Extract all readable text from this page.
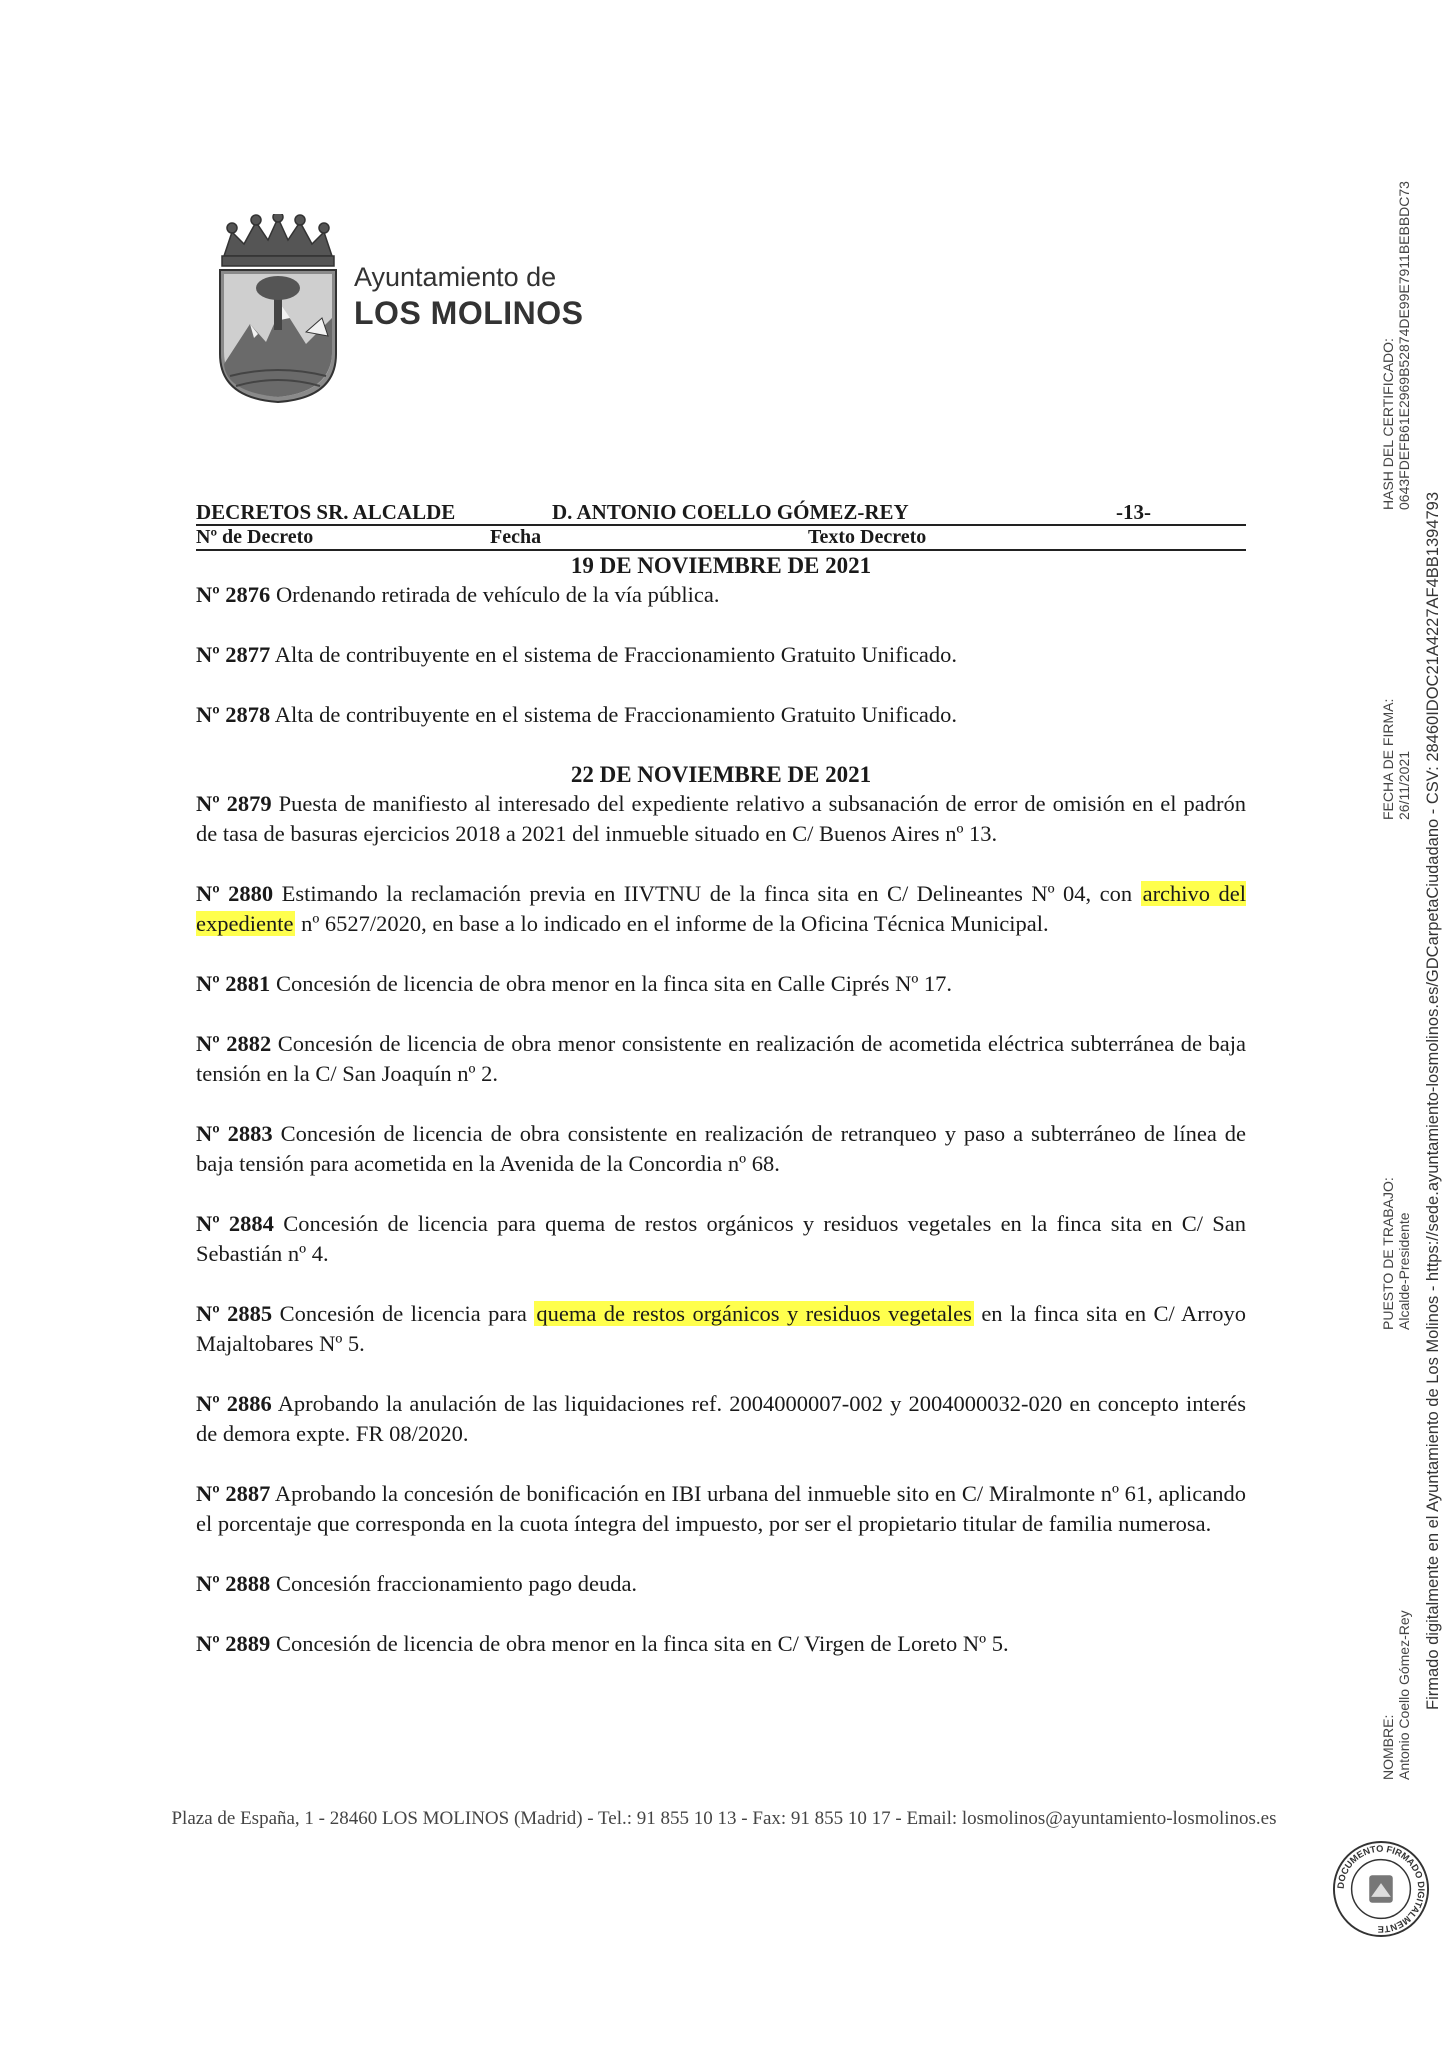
Ayuntamiento de
LOS MOLINOS
DECRETOS SR. ALCALDE	D. ANTONIO COELLO GÓMEZ-REY	-13-
Nº de Decreto	Fecha	Texto Decreto
19 DE NOVIEMBRE DE 2021

Nº 2876 Ordenando retirada de vehículo de la vía pública.

Nº 2877 Alta de contribuyente en el sistema de Fraccionamiento Gratuito Unificado.

Nº 2878 Alta de contribuyente en el sistema de Fraccionamiento Gratuito Unificado.

22 DE NOVIEMBRE DE 2021

Nº 2879 Puesta de manifiesto al interesado del expediente relativo a subsanación de error de omisión en el padrón de tasa de basuras ejercicios 2018 a 2021 del inmueble situado en C/ Buenos Aires nº 13.

Nº 2880 Estimando la reclamación previa en IIVTNU de la finca sita en C/ Delineantes Nº 04, con archivo del expediente nº 6527/2020, en base a lo indicado en el informe de la Oficina Técnica Municipal.

Nº 2881 Concesión de licencia de obra menor en la finca sita en Calle Ciprés Nº 17.

Nº 2882 Concesión de licencia de obra menor consistente en realización de acometida eléctrica subterránea de baja tensión en la C/ San Joaquín nº 2.

Nº 2883 Concesión de licencia de obra consistente en realización de retranqueo y paso a subterráneo de línea de baja tensión para acometida en la Avenida de la Concordia nº 68.

Nº 2884 Concesión de licencia para quema de restos orgánicos y residuos vegetales en la finca sita en C/ San Sebastián nº 4.

Nº 2885 Concesión de licencia para quema de restos orgánicos y residuos vegetales en la finca sita en C/ Arroyo Majaltobares Nº 5.

Nº 2886 Aprobando la anulación de las liquidaciones ref. 2004000007-002 y 2004000032-020 en concepto interés de demora expte. FR 08/2020.

Nº 2887 Aprobando la concesión de bonificación en IBI urbana del inmueble sito en C/ Miralmonte nº 61, aplicando el porcentaje que corresponda en la cuota íntegra del impuesto, por ser el propietario titular de familia numerosa.

Nº 2888 Concesión fraccionamiento pago deuda.

Nº 2889 Concesión de licencia de obra menor en la finca sita en C/ Virgen de Loreto Nº 5.

Plaza de España, 1 - 28460 LOS MOLINOS (Madrid) - Tel.: 91 855 10 13 - Fax: 91 855 10 17 - Email: losmolinos@ayuntamiento-losmolinos.es
NOMBRE: Antonio Coello Gómez-Rey
PUESTO DE TRABAJO: Alcalde-Presidente
FECHA DE FIRMA: 26/11/2021
HASH DEL CERTIFICADO: 0643FDEFB61E2969B52874DE99E7911BEBBDC73
Firmado digitalmente en el Ayuntamiento de Los Molinos - https://sede.ayuntamiento-losmolinos.es/GDCarpetaCiudadano - CSV: 28460IDOC21A4227AF4BB1394793
DOCUMENTO FIRMADO DIGITALMENTE
